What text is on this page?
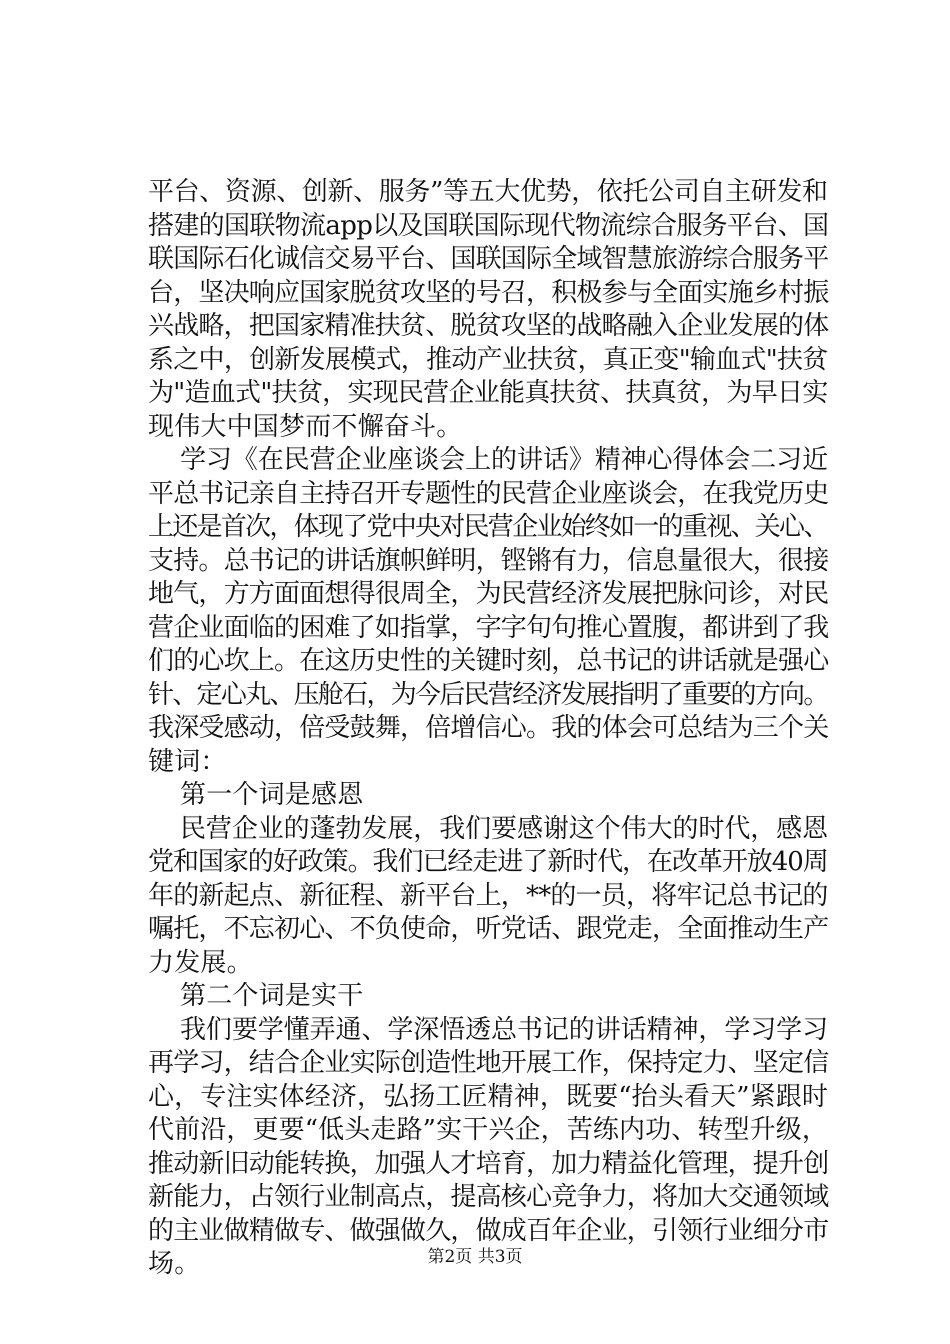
平台、资源、创新、服务”等五大优势，依托公司自主研发和
搭建的国联物流app以及国联国际现代物流综合服务平台、国
联国际石化诚信交易平台、国联国际全域智慧旅游综合服务平
台，坚决响应国家脱贫攻坚的号召，积极参与全面实施乡村振
兴战略，把国家精准扶贫、脱贫攻坚的战略融入企业发展的体
系之中，创新发展模式，推动产业扶贫，真正变"输血式"扶贫
为"造血式"扶贫，实现民营企业能真扶贫、扶真贫，为早日实
现伟大中国梦而不懈奋斗。
学习《在民营企业座谈会上的讲话》精神心得体会二习近
平总书记亲自主持召开专题性的民营企业座谈会，在我党历史
上还是首次，体现了党中央对民营企业始终如一的重视、关心、
支持。总书记的讲话旗帜鲜明，铿锵有力，信息量很大，很接
地气，方方面面想得很周全，为民营经济发展把脉问诊，对民
营企业面临的困难了如指掌，字字句句推心置腹，都讲到了我
们的心坎上。在这历史性的关键时刻，总书记的讲话就是强心
针、定心丸、压舱石，为今后民营经济发展指明了重要的方向。
我深受感动，倍受鼓舞，倍增信心。我的体会可总结为三个关
键词：
第一个词是感恩
民营企业的蓬勃发展，我们要感谢这个伟大的时代，感恩
党和国家的好政策。我们已经走进了新时代，在改革开放40周
年的新起点、新征程、新平台上，**的一员，将牢记总书记的
嘱托，不忘初心、不负使命，听党话、跟党走，全面推动生产
力发展。
第二个词是实干
我们要学懂弄通、学深悟透总书记的讲话精神，学习学习
再学习，结合企业实际创造性地开展工作，保持定力、坚定信
心，专注实体经济，弘扬工匠精神，既要“抬头看天”紧跟时
代前沿，更要“低头走路”实干兴企，苦练内功、转型升级，
推动新旧动能转换，加强人才培育，加力精益化管理，提升创
新能力，占领行业制高点，提高核心竞争力，将加大交通领域
的主业做精做专、做强做久，做成百年企业，引领行业细分市
场。	第2页 共3页
